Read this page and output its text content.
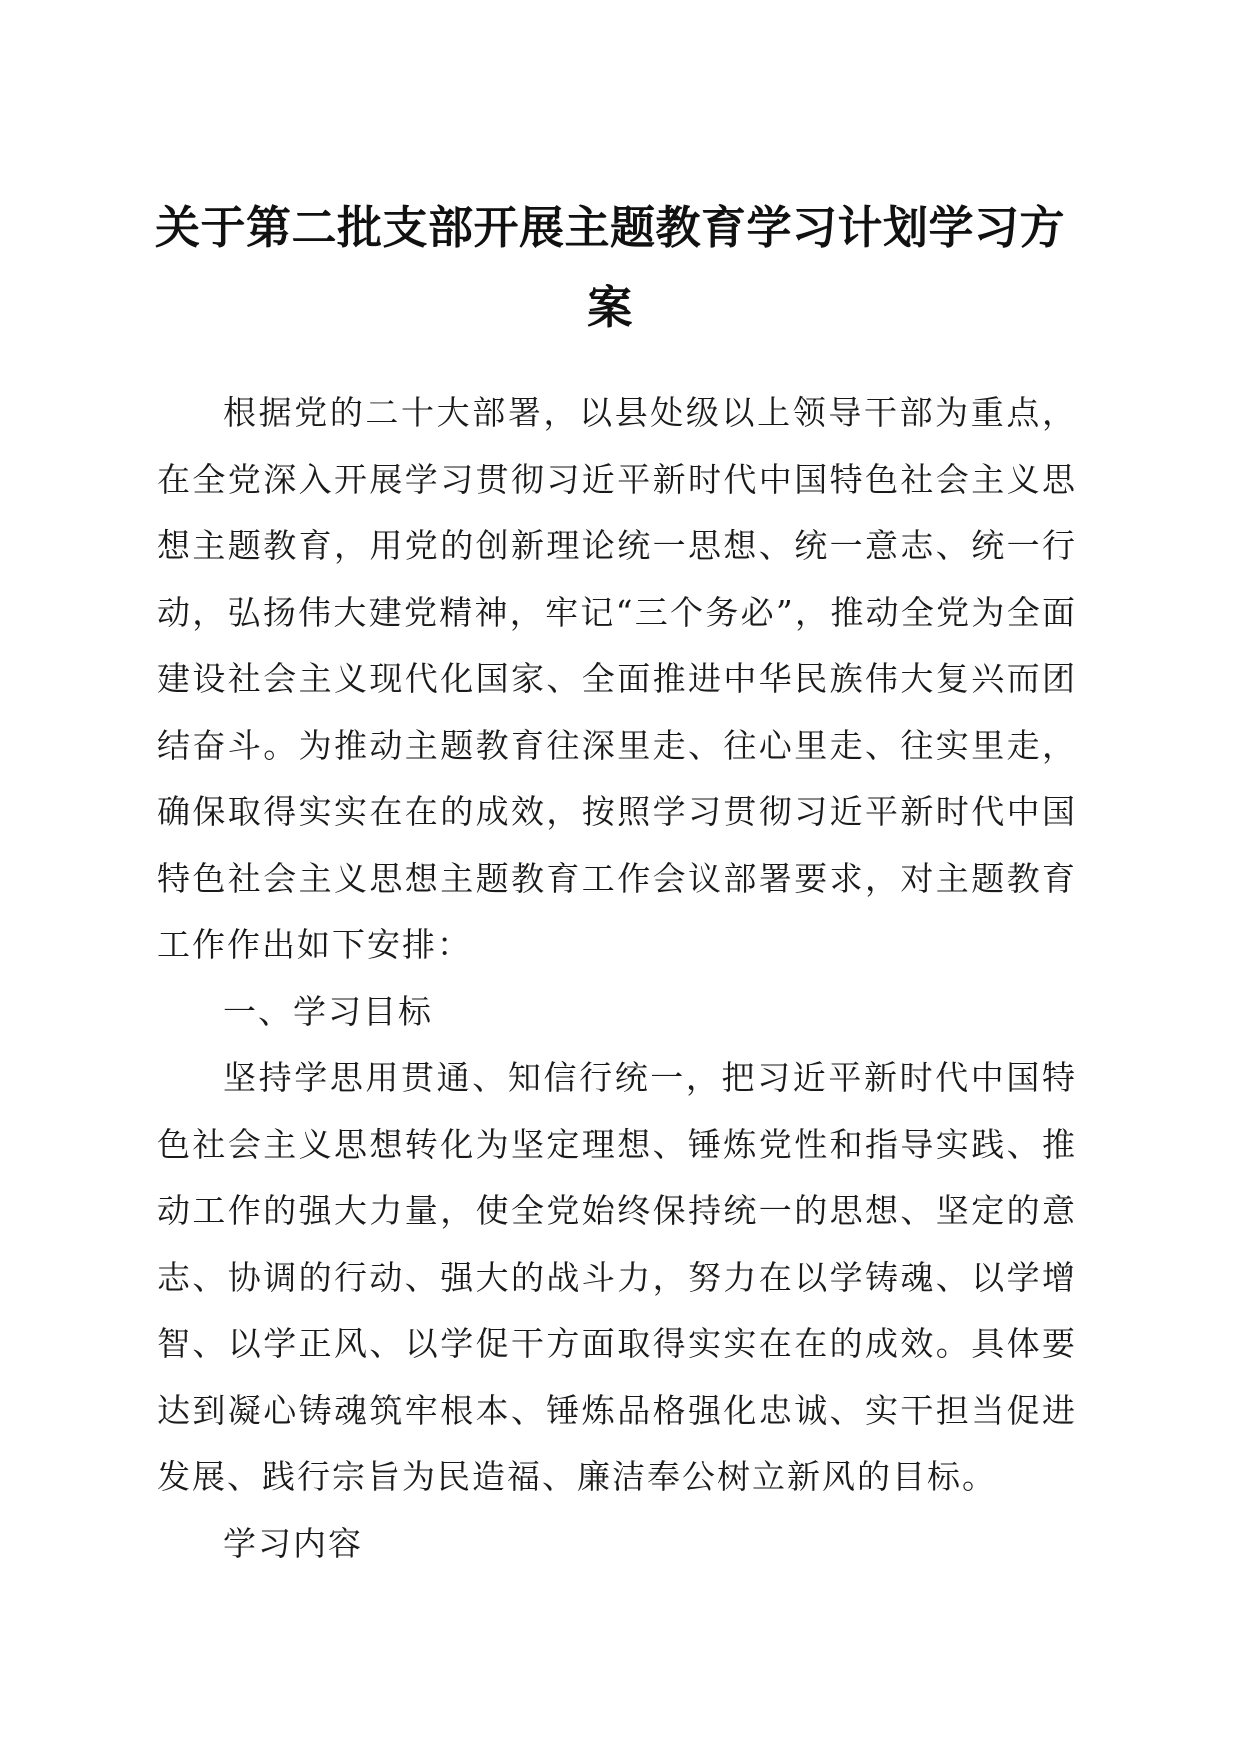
关于第二批支部开展主题教育学习计划学习方案

根据党的二十大部署，以县处级以上领导干部为重点，在全党深入开展学习贯彻习近平新时代中国特色社会主义思想主题教育，用党的创新理论统一思想、统一意志、统一行动，弘扬伟大建党精神，牢记“三个务必”，推动全党为全面建设社会主义现代化国家、全面推进中华民族伟大复兴而团结奋斗。为推动主题教育往深里走、往心里走、往实里走，确保取得实实在在的成效，按照学习贯彻习近平新时代中国特色社会主义思想主题教育工作会议部署要求，对主题教育工作作出如下安排：

一、学习目标

坚持学思用贯通、知信行统一，把习近平新时代中国特色社会主义思想转化为坚定理想、锤炼党性和指导实践、推动工作的强大力量，使全党始终保持统一的思想、坚定的意志、协调的行动、强大的战斗力，努力在以学铸魂、以学增智、以学正风、以学促干方面取得实实在在的成效。具体要达到凝心铸魂筑牢根本、锤炼品格强化忠诚、实干担当促进发展、践行宗旨为民造福、廉洁奉公树立新风的目标。

学习内容
